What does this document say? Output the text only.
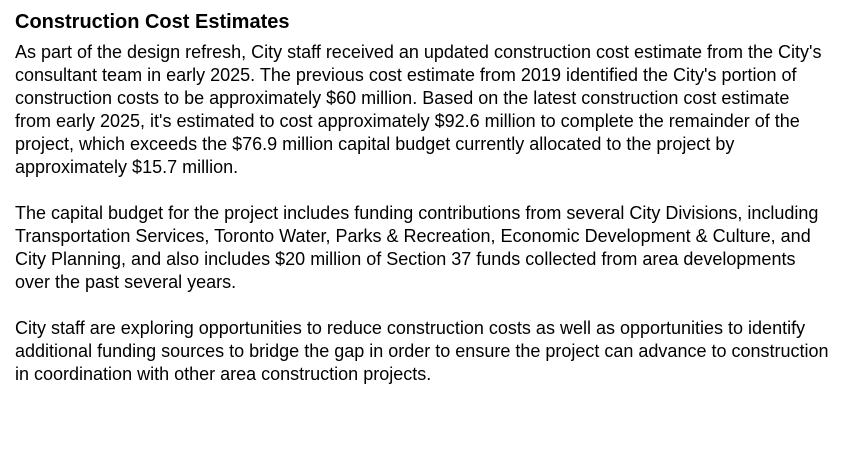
Construction Cost Estimates

As part of the design refresh, City staff received an updated construction cost estimate from the City's consultant team in early 2025. The previous cost estimate from 2019 identified the City's portion of construction costs to be approximately $60 million. Based on the latest construction cost estimate from early 2025, it's estimated to cost approximately $92.6 million to complete the remainder of the project, which exceeds the $76.9 million capital budget currently allocated to the project by approximately $15.7 million.

The capital budget for the project includes funding contributions from several City Divisions, including Transportation Services, Toronto Water, Parks & Recreation, Economic Development & Culture, and City Planning, and also includes $20 million of Section 37 funds collected from area developments over the past several years.

City staff are exploring opportunities to reduce construction costs as well as opportunities to identify additional funding sources to bridge the gap in order to ensure the project can advance to construction in coordination with other area construction projects.
